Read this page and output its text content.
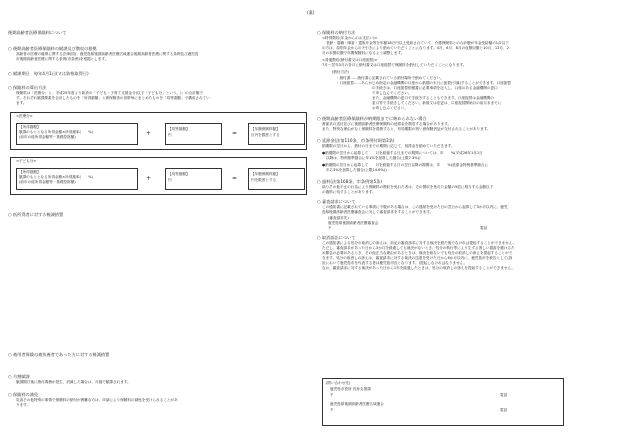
(裏)
後期高齢者医療保険料について
○ 後期高齢者医療保険料の賦課及び徴収の根拠
高齢者の医療の確保に関する法律(国)、鹿児島県後期高齢者医療広域連合後期高齢者医療に関する条例及び鹿児島
市後期高齢者医療に関する条例(市条例)を根拠とします。
○ 賦課期日　毎年4月1日(又は資格取得日)
○ 保険料の算出方法
保険料は「医療分」と、平成20年度より新設の「子ども・子育て支援金分(以下「子ども分」という。)」の合計額で
す。それぞれ賦課要素を合計したものを「所得割額」と被保険者の世帯毎にまとめたものを「均等割額」で構成されてい
ます。
<医療分>
【所得割額】
賦課のもととなる所得金額×所得割率(　　%)
(前年の総所得金額等－基礎控除額)	+
【均等割額】
円	=
【年額保険料額】
百円を限度とする
<子ども分>
【所得割額】
賦課のもととなる所得金額×所得割率(　　%)
(前年の総所得金額等－基礎控除額)	+
【均等割額】
円	=
【年額保険料額】
円を限度とする
○ 低所得者に対する軽減措置
○ 被用者保険の被扶養者であった方に対する軽減措置
○ 月割賦課
賦課期日後に納付義務が発生、消滅した場合は、月割で賦課されます。
○ 保険料の減免
災害その他特別の事情で保険料の納付が困難な方は、申請により保険料の減免を受けられることがあ
ります。
○ 保険料の納付方法
<特別徴収(年金からのお支払い)>
老齢・退職・障害・遺族年金等を年額18万円以上受給されていて、介護保険料との合計額が年金受給額の1/2以下
の方は、原則年金からの天引きにより納めていただくことになります。4月、6月、8月の仮徴収額と10月、12月、2
月の本徴収額で年間保険料になるよう調整します。
<普通徴収(納付書又は口座振替)>
7月～翌年3月の各月に納付書又は口座振替で保険料を納付していただくことになります。
(納付方法)
・納付書……納付書に記載されている納付場所で納めてください。
・口座振替……あらかじめ指定の金融機関の口座から納期の末日に振替(引落)することができます。口座振替
の手続きは、口座振替依頼書に必要事項を記入し、口座のある金融機関の窓口
で申し込んでください。
また、金融機関の窓口で手続きすることもできます。口座振替は金融機関の
窓口等で手続きしてください。新規又は変更は、口座振替開始月の前月末までに
お申し込みください。
○ 後期高齢者医療保険料が納期限までに納められない場合
督促状の送付並びに後期高齢者医療保険料の延滞金を徴収する場合があります。
また、特別な理由がなく保険料を滞納すると、有効期限の短い被保険者証が交付されることがあります。
○ 延滞金(法第110条、市条例付則第3条)
納期限の翌日から、納付の日までの期間に応じて、延滞金を納めていただきます。
●納期限の翌日から起算して　　月を経過する日までの期間については、年　　%(平成26年1月1日
以降は、特例基準割合に年1%を加算した割合(上限7.3%))
●納期限の翌日から起算して　　月を経過する日の翌日以降の期間は、年　　%(延滞金特例基準割合に
年7.3%を加算した割合(上限14.6%))
○ 過料(法第168条、市条例第5条)
偽りその他不正の行為により保険料の徴収を免れた者は、その徴収を免れた金額の5倍に相当する金額以下
の過料に処することがあります。
○ 審査請求について
この通知書に記載されている事項に不服がある場合は、この通知を受けた日の翌日から起算して3か月以内に、鹿児
島県後期高齢者医療審査会に対して審査請求をすることができます。
(審査請求先)
鹿児島県後期高齢者医療審査会
〒	電話
○ 取消訴訟について
この通知書による処分の取消しの訴えは、前記の審査請求に対する裁決を経た後でなければ提起することができません。
ただし、審査請求があった日から3か月を経過しても裁決がないとき、処分の執行等により生ずる著しい損害を避けるた
め緊急の必要があるとき、その他正当な理由があるときは、裁決を経ないでも処分の取消しの訴えを提起することがで
きます。処分の取消しの訴えは、審査請求に対する裁決の送達を受けた日から6か月以内に、鹿児島市を被告として(訴
訟において鹿児島市を代表する者は鹿児島市長となります。)提起しなければなりません。
なお、審査請求に対する裁決があった日から1年を経過したときは、処分の取消しの訴えを提起することができません。
(問い合わせ先)
鹿児島市役所 長寿支援課
〒	電話
鹿児島県後期高齢者医療広域連合
〒	電話
